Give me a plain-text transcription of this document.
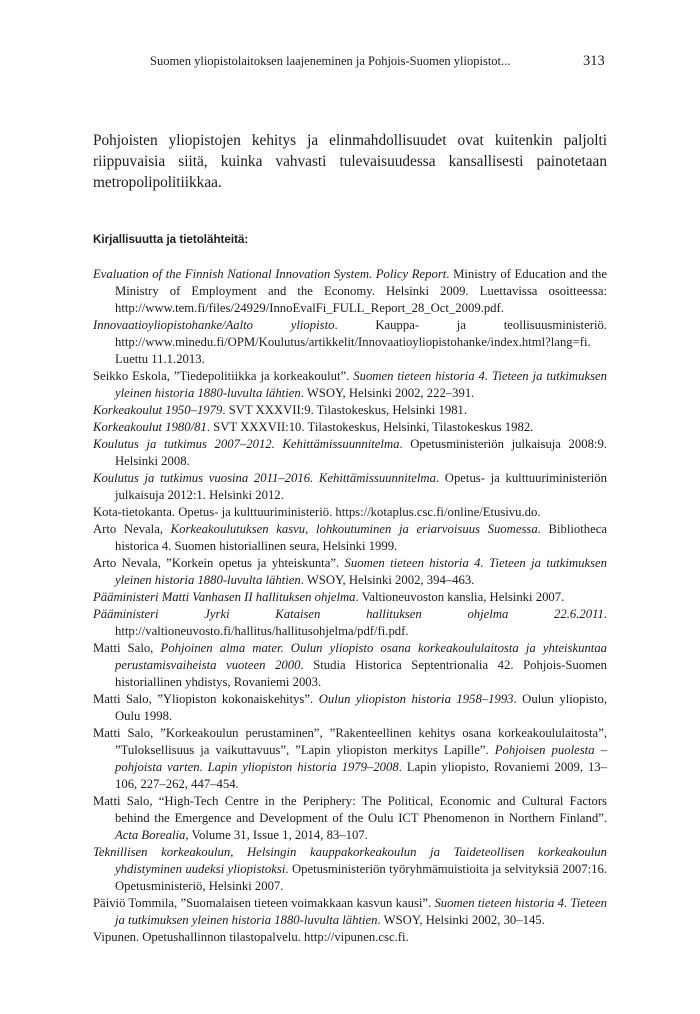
Suomen yliopistolaitoksen laajeneminen ja Pohjois-Suomen yliopistot...	313

Pohjoisten yliopistojen kehitys ja elinmahdollisuudet ovat kuitenkin paljolti riippuvaisia siitä, kuinka vahvasti tulevaisuudessa kansallisesti painotetaan metropolipolitiikkaa.

Kirjallisuutta ja tietolähteitä:
Evaluation of the Finnish National Innovation System. Policy Report. Ministry of Education and the Ministry of Employment and the Economy. Helsinki 2009. Luettavissa osoitteessa: http://www.tem.fi/files/24929/InnoEvalFi_FULL_Report_28_Oct_2009.pdf.
Innovaatioyliopistohanke/Aalto yliopisto. Kauppa- ja teollisuusministeriö. http://www.minedu.fi/OPM/Koulutus/artikkelit/Innovaatioyliopistohanke/index.html?lang=fi. Luettu 11.1.2013.
Seikko Eskola, ”Tiedepolitiikka ja korkeakoulut”. Suomen tieteen historia 4. Tieteen ja tutkimuksen yleinen historia 1880-luvulta lähtien. WSOY, Helsinki 2002, 222–391.
Korkeakoulut 1950–1979. SVT XXXVII:9. Tilastokeskus, Helsinki 1981.
Korkeakoulut 1980/81. SVT XXXVII:10. Tilastokeskus, Helsinki, Tilastokeskus 1982.
Koulutus ja tutkimus 2007–2012. Kehittämissuunnitelma. Opetusministeriön julkaisuja 2008:9. Helsinki 2008.
Koulutus ja tutkimus vuosina 2011–2016. Kehittämissuunnitelma. Opetus- ja kulttuuriministeriön julkaisuja 2012:1. Helsinki 2012.
Kota-tietokanta. Opetus- ja kulttuuriministeriö. https://kotaplus.csc.fi/online/Etusivu.do.
Arto Nevala, Korkeakoulutuksen kasvu, lohkoutuminen ja eriarvoisuus Suomessa. Bibliotheca historica 4. Suomen historiallinen seura, Helsinki 1999.
Arto Nevala, ”Korkein opetus ja yhteiskunta”. Suomen tieteen historia 4. Tieteen ja tutkimuksen yleinen historia 1880-luvulta lähtien. WSOY, Helsinki 2002, 394–463.
Pääministeri Matti Vanhasen II hallituksen ohjelma. Valtioneuvoston kanslia, Helsinki 2007.
Pääministeri Jyrki Kataisen hallituksen ohjelma 22.6.2011. http://valtioneuvosto.fi/hallitus/hallitusohjelma/pdf/fi.pdf.
Matti Salo, Pohjoinen alma mater. Oulun yliopisto osana korkeakoululaitosta ja yhteiskuntaa perustamisvaiheista vuoteen 2000. Studia Historica Septentrionalia 42. Pohjois-Suomen historiallinen yhdistys, Rovaniemi 2003.
Matti Salo, ”Yliopiston kokonaiskehitys”. Oulun yliopiston historia 1958–1993. Oulun yliopisto, Oulu 1998.
Matti Salo, ”Korkeakoulun perustaminen”, ”Rakenteellinen kehitys osana korkeakoululaitosta”, ”Tuloksellisuus ja vaikuttavuus”, ”Lapin yliopiston merkitys Lapille”. Pohjoisen puolesta – pohjoista varten. Lapin yliopiston historia 1979–2008. Lapin yliopisto, Rovaniemi 2009, 13–106, 227–262, 447–454.
Matti Salo, “High-Tech Centre in the Periphery: The Political, Economic and Cultural Factors behind the Emergence and Development of the Oulu ICT Phenomenon in Northern Finland”. Acta Borealia, Volume 31, Issue 1, 2014, 83–107.
Teknillisen korkeakoulun, Helsingin kauppakorkeakoulun ja Taideteollisen korkeakoulun yhdistyminen uudeksi yliopistoksi. Opetusministeriön työryhmämuistioita ja selvityksiä 2007:16. Opetusministeriö, Helsinki 2007.
Päiviö Tommila, ”Suomalaisen tieteen voimakkaan kasvun kausi”. Suomen tieteen historia 4. Tieteen ja tutkimuksen yleinen historia 1880-luvulta lähtien. WSOY, Helsinki 2002, 30–145.
Vipunen. Opetushallinnon tilastopalvelu. http://vipunen.csc.fi.
